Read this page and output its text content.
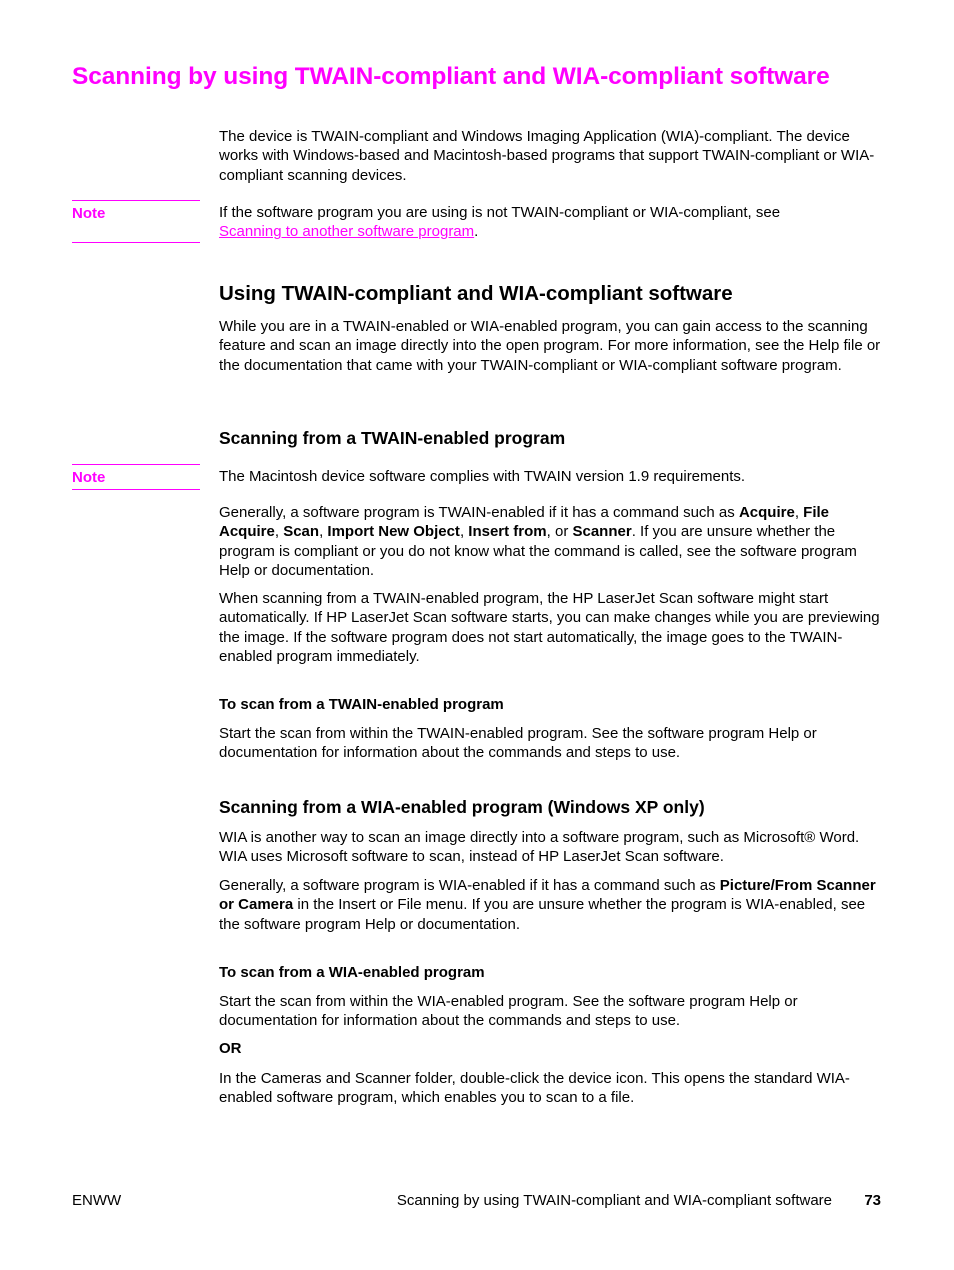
Scanning by using TWAIN-compliant and WIA-compliant software

The device is TWAIN-compliant and Windows Imaging Application (WIA)-compliant. The device works with Windows-based and Macintosh-based programs that support TWAIN-compliant or WIA-compliant scanning devices.

Note	If the software program you are using is not TWAIN-compliant or WIA-compliant, see
Scanning to another software program.

Using TWAIN-compliant and WIA-compliant software

While you are in a TWAIN-enabled or WIA-enabled program, you can gain access to the scanning feature and scan an image directly into the open program. For more information, see the Help file or the documentation that came with your TWAIN-compliant or WIA-compliant software program.

Scanning from a TWAIN-enabled program
Note	The Macintosh device software complies with TWAIN version 1.9 requirements.

Generally, a software program is TWAIN-enabled if it has a command such as Acquire, File Acquire, Scan, Import New Object, Insert from, or Scanner. If you are unsure whether the program is compliant or you do not know what the command is called, see the software program Help or documentation.

When scanning from a TWAIN-enabled program, the HP LaserJet Scan software might start automatically. If HP LaserJet Scan software starts, you can make changes while you are previewing the image. If the software program does not start automatically, the image goes to the TWAIN-enabled program immediately.

To scan from a TWAIN-enabled program

Start the scan from within the TWAIN-enabled program. See the software program Help or documentation for information about the commands and steps to use.

Scanning from a WIA-enabled program (Windows XP only)

WIA is another way to scan an image directly into a software program, such as Microsoft® Word. WIA uses Microsoft software to scan, instead of HP LaserJet Scan software.

Generally, a software program is WIA-enabled if it has a command such as Picture/From Scanner or Camera in the Insert or File menu. If you are unsure whether the program is WIA-enabled, see the software program Help or documentation.

To scan from a WIA-enabled program

Start the scan from within the WIA-enabled program. See the software program Help or documentation for information about the commands and steps to use.

OR

In the Cameras and Scanner folder, double-click the device icon. This opens the standard WIA-enabled software program, which enables you to scan to a file.

ENWW	Scanning by using TWAIN-compliant and WIA-compliant software 73
